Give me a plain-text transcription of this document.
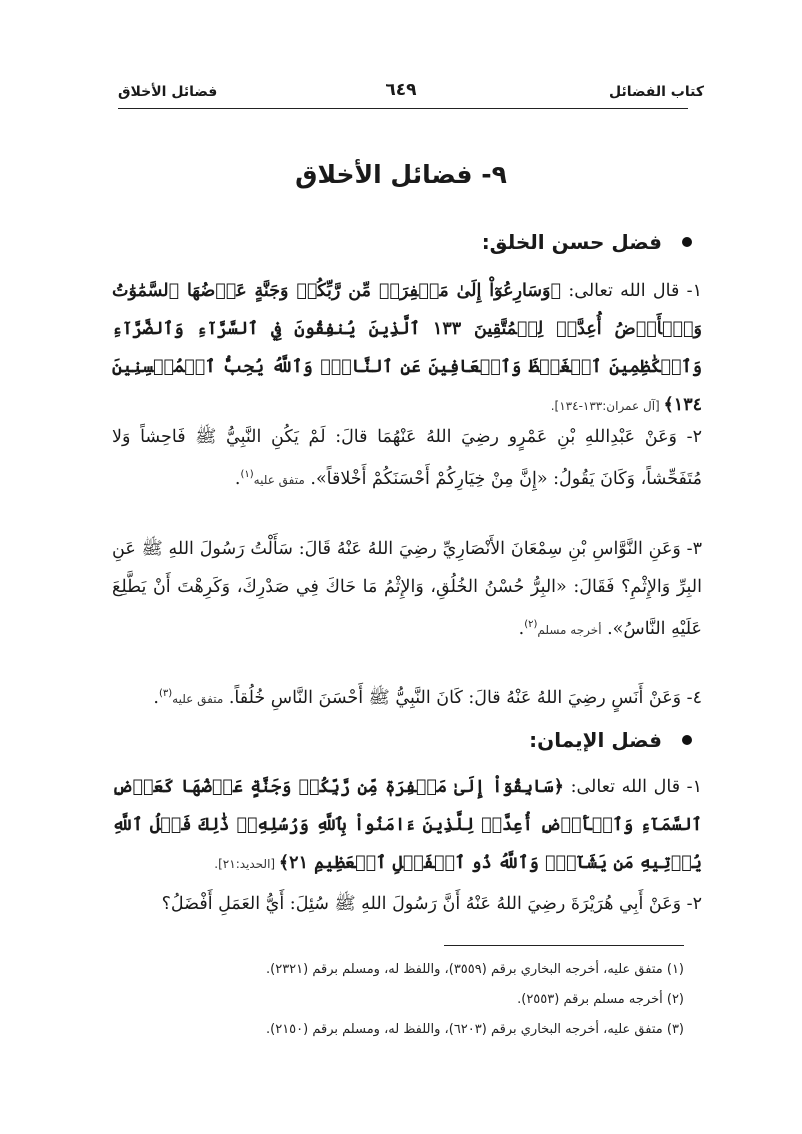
كتاب الفضائل
٦٤٩
فضائل الأخلاق
٩- فضائل الأخلاق
فضل حسن الخلق:
١- قال الله تعالى: ﴿وَسَارِعُوٓاْ إِلَىٰ مَغۡفِرَةٖ مِّن رَّبِّكُمۡ وَجَنَّةٍ عَرۡضُهَا ٱلسَّمَٰوَٰتُ وَٱلۡأَرۡضُ أُعِدَّتۡ لِلۡمُتَّقِينَ ١٣٣ ٱلَّذِينَ يُنفِقُونَ فِي ٱلسَّرَّآءِ وَٱلضَّرَّآءِ وَٱلۡكَٰظِمِينَ ٱلۡغَيۡظَ وَٱلۡعَافِينَ عَنِ ٱلنَّاسِۗ وَٱللَّهُ يُحِبُّ ٱلۡمُحۡسِنِينَ ١٣٤﴾ [آل عمران:١٣٣-١٣٤].
٢- وَعَنْ عَبْدِاللهِ بْنِ عَمْرٍو رضِيَ اللهُ عَنْهُمَا قالَ: لَمْ يَكُنِ النَّبِيُّ ﷺ فَاحِشاً وَلا مُتَفَحِّشاً، وَكَانَ يَقُولُ: «إِنَّ مِنْ خِيَارِكُمْ أَحْسَنَكُمْ أَخْلاقاً». متفق عليه$^{(١)}$.
٣- وَعَنِ النَّوَّاسِ بْنِ سِمْعَانَ الأَنْصَارِيِّ رضِيَ اللهُ عَنْهُ قَالَ: سَأَلْتُ رَسُولَ اللهِ ﷺ عَنِ البِرِّ وَالإِثْمِ؟ فَقَالَ: «البِرُّ حُسْنُ الخُلُقِ، وَالإِثْمُ مَا حَاكَ فِي صَدْرِكَ، وَكَرِهْتَ أَنْ يَطَّلِعَ عَلَيْهِ النَّاسُ». أخرجه مسلم$^{(٢)}$.
٤- وَعَنْ أَنَسٍ رضِيَ اللهُ عَنْهُ قالَ: كَانَ النَّبِيُّ ﷺ أَحْسَنَ النَّاسِ خُلُقاً. متفق عليه$^{(٣)}$.
فضل الإيمان:
١- قال الله تعالى: ﴿سَابِقُوٓاْ إِلَىٰ مَغۡفِرَةٖ مِّن رَّبِّكُمۡ وَجَنَّةٍ عَرۡضُهَا كَعَرۡضِ ٱلسَّمَآءِ وَٱلۡأَرۡضِ أُعِدَّتۡ لِلَّذِينَ ءَامَنُواْ بِٱللَّهِ وَرُسُلِهِۦۚ ذَٰلِكَ فَضۡلُ ٱللَّهِ يُؤۡتِيهِ مَن يَشَآءُۚ وَٱللَّهُ ذُو ٱلۡفَضۡلِ ٱلۡعَظِيمِ ٢١﴾ [الحديد:٢١].
٢- وَعَنْ أَبِي هُرَيْرَةَ رضِيَ اللهُ عَنْهُ أَنَّ رَسُولَ اللهِ ﷺ سُئِلَ: أَيُّ العَمَلِ أَفْضَلُ؟
(١) متفق عليه، أخرجه البخاري برقم (٣٥٥٩)، واللفظ له، ومسلم برقم (٢٣٢١).
(٢) أخرجه مسلم برقم (٢٥٥٣).
(٣) متفق عليه، أخرجه البخاري برقم (٦٢٠٣)، واللفظ له، ومسلم برقم (٢١٥٠).
